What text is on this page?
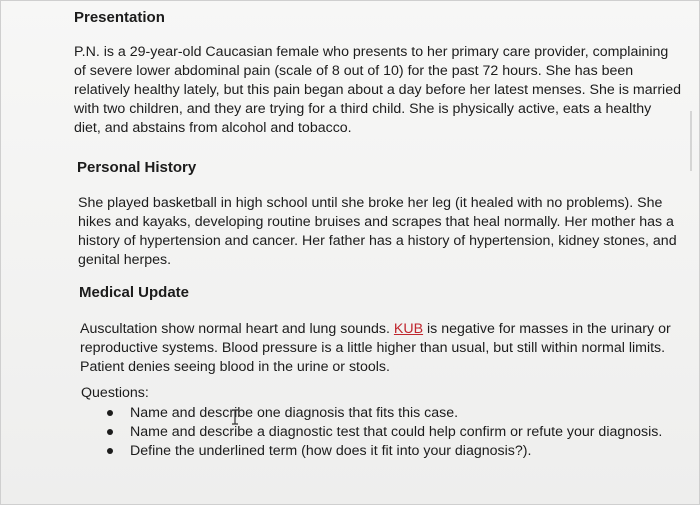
Presentation
P.N. is a 29-year-old Caucasian female who presents to her primary care provider, complaining
of severe lower abdominal pain (scale of 8 out of 10) for the past 72 hours. She has been
relatively healthy lately, but this pain began about a day before her latest menses. She is married
with two children, and they are trying for a third child. She is physically active, eats a healthy
diet, and abstains from alcohol and tobacco.
Personal History
She played basketball in high school until she broke her leg (it healed with no problems). She
hikes and kayaks, developing routine bruises and scrapes that heal normally. Her mother has a
history of hypertension and cancer. Her father has a history of hypertension, kidney stones, and
genital herpes.
Medical Update
Auscultation show normal heart and lung sounds. KUB is negative for masses in the urinary or
reproductive systems. Blood pressure is a little higher than usual, but still within normal limits.
Patient denies seeing blood in the urine or stools.
Questions:
Name and describe one diagnosis that fits this case.
Name and describe a diagnostic test that could help confirm or refute your diagnosis.
Define the underlined term (how does it fit into your diagnosis?).
